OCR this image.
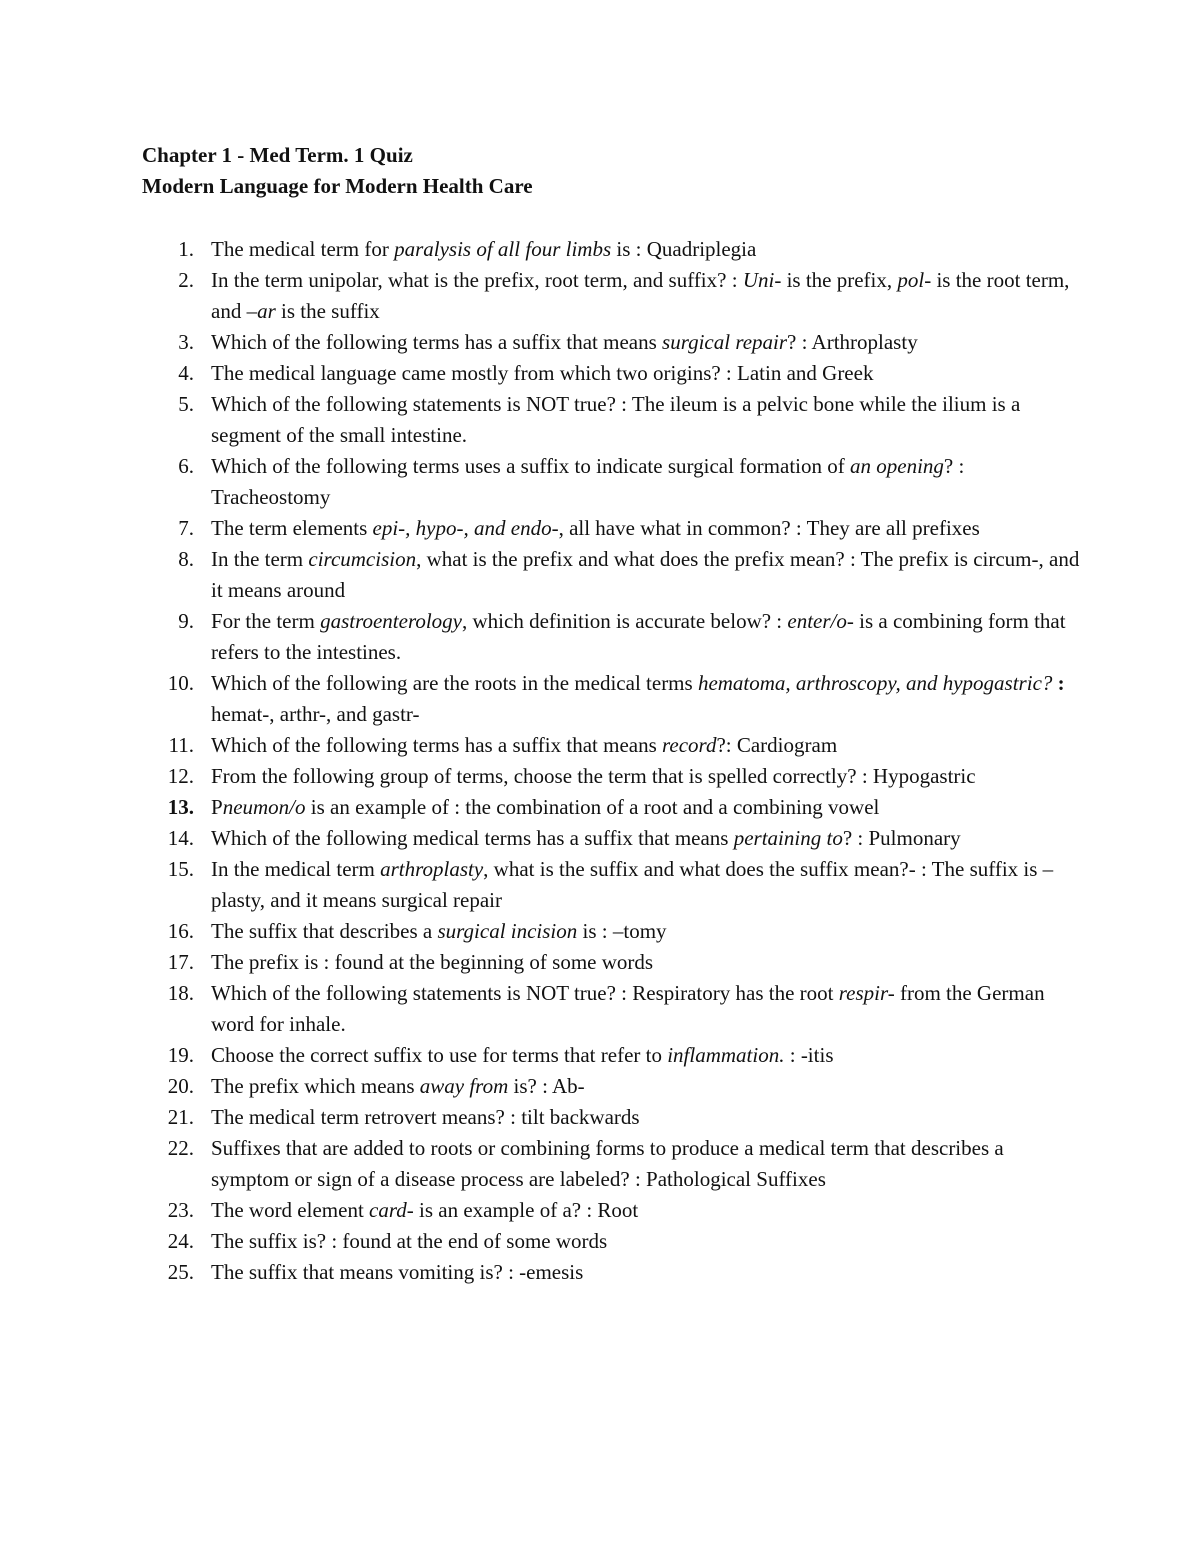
Chapter 1 - Med Term. 1 Quiz
Modern Language for Modern Health Care
1. The medical term for paralysis of all four limbs is : Quadriplegia
2. In the term unipolar, what is the prefix, root term, and suffix? : Uni- is the prefix, pol- is the root term, and –ar is the suffix
3. Which of the following terms has a suffix that means surgical repair? : Arthroplasty
4. The medical language came mostly from which two origins? : Latin and Greek
5. Which of the following statements is NOT true? : The ileum is a pelvic bone while the ilium is a segment of the small intestine.
6. Which of the following terms uses a suffix to indicate surgical formation of an opening? : Tracheostomy
7. The term elements epi-, hypo-, and endo-, all have what in common? : They are all prefixes
8. In the term circumcision, what is the prefix and what does the prefix mean? : The prefix is circum-, and it means around
9. For the term gastroenterology, which definition is accurate below? : enter/o- is a combining form that refers to the intestines.
10. Which of the following are the roots in the medical terms hematoma, arthroscopy, and hypogastric? : hemat-, arthr-, and gastr-
11. Which of the following terms has a suffix that means record?: Cardiogram
12. From the following group of terms, choose the term that is spelled correctly? : Hypogastric
13. Pneumon/o is an example of : the combination of a root and a combining vowel
14. Which of the following medical terms has a suffix that means pertaining to? : Pulmonary
15. In the medical term arthroplasty, what is the suffix and what does the suffix mean?- : The suffix is –plasty, and it means surgical repair
16. The suffix that describes a surgical incision is : –tomy
17. The prefix is : found at the beginning of some words
18. Which of the following statements is NOT true? : Respiratory has the root respir- from the German word for inhale.
19. Choose the correct suffix to use for terms that refer to inflammation. : -itis
20. The prefix which means away from is? : Ab-
21. The medical term retrovert means? : tilt backwards
22. Suffixes that are added to roots or combining forms to produce a medical term that describes a symptom or sign of a disease process are labeled? : Pathological Suffixes
23. The word element card- is an example of a? : Root
24. The suffix is? : found at the end of some words
25. The suffix that means vomiting is? : -emesis
